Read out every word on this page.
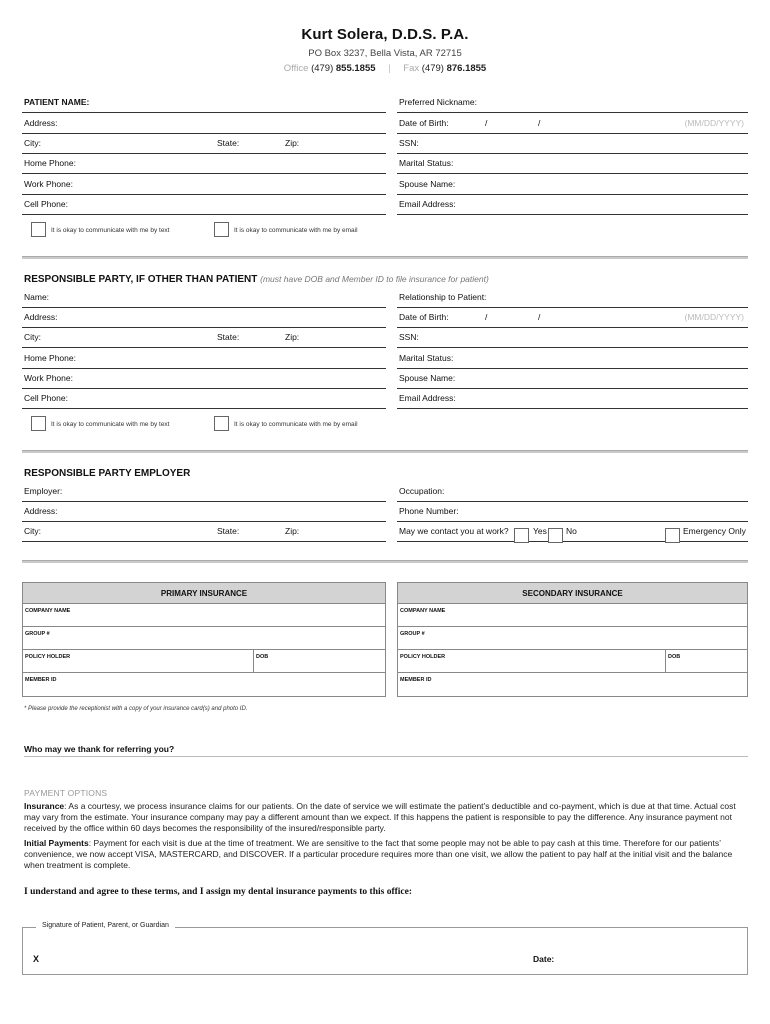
Kurt Solera, D.D.S. P.A.
PO Box 3237, Bella Vista, AR 72715
Office (479) 855.1855 | Fax (479) 876.1855
PATIENT NAME:	Preferred Nickname:
Address:	Date of Birth:	/	/	(MM/DD/YYYY)
City:	State:	Zip:	SSN:
Home Phone:	Marital Status:
Work Phone:	Spouse Name:
Cell Phone:	Email Address:
It is okay to communicate with me by text	It is okay to communicate with me by email
RESPONSIBLE PARTY, IF OTHER THAN PATIENT (must have DOB and Member ID to file insurance for patient)
Name:	Relationship to Patient:
Address:	Date of Birth:	/	/	(MM/DD/YYYY)
City:	State:	Zip:	SSN:
Home Phone:	Marital Status:
Work Phone:	Spouse Name:
Cell Phone:	Email Address:
It is okay to communicate with me by text	It is okay to communicate with me by email
RESPONSIBLE PARTY EMPLOYER
Employer:	Occupation:
Address:	Phone Number:
City:	State:	Zip:	May we contact you at work?	Yes No	Emergency Only
PRIMARY INSURANCE
COMPANY NAME
GROUP #
POLICY HOLDER	DOB
MEMBER ID
SECONDARY INSURANCE
COMPANY NAME
GROUP #
POLICY HOLDER	DOB
MEMBER ID
* Please provide the receptionist with a copy of your insurance card(s) and photo ID.
Who may we thank for referring you?
PAYMENT OPTIONS
Insurance: As a courtesy, we process insurance claims for our patients. On the date of service we will estimate the patient’s deductible and co-payment, which is due at that time. Actual cost may vary from the estimate. Your insurance company may pay a different amount than we expect. If this happens the patient is responsible to pay the difference. Any insurance payment not received by the office within 60 days becomes the responsibility of the insured/responsible party.
Initial Payments: Payment for each visit is due at the time of treatment. We are sensitive to the fact that some people may not be able to pay cash at this time. Therefore for our patients’ convenience, we now accept VISA, MASTERCARD, and DISCOVER. If a particular procedure requires more than one visit, we allow the patient to pay half at the initial visit and the balance when treatment is complete.
I understand and agree to these terms, and I assign my dental insurance payments to this office:
Signature of Patient, Parent, or Guardian
X	Date:
